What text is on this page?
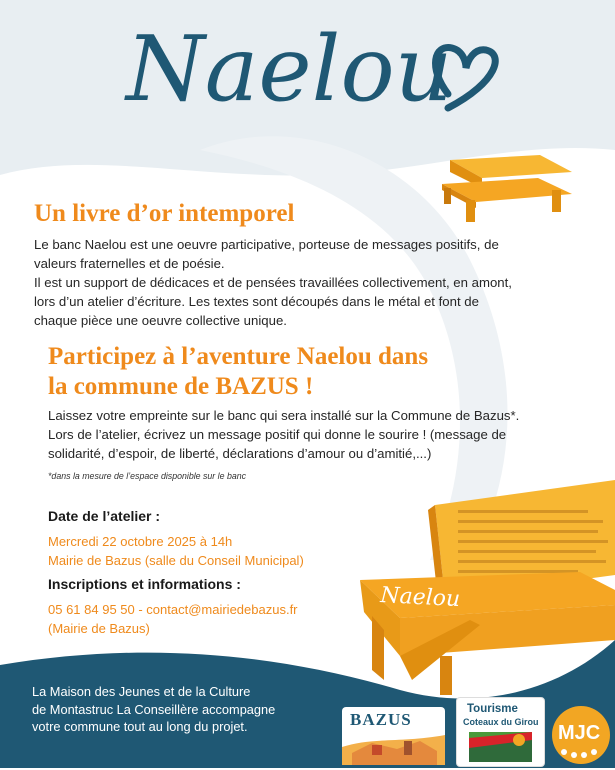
Naelou
Un livre d’or intemporel

Le banc Naelou est une oeuvre participative, porteuse de messages positifs, de

valeurs fraternelles et de poésie.

Il est un support de dédicaces et de pensées travaillées collectivement, en amont,

lors d’un atelier d’écriture. Les textes sont découpés dans le métal et font de

chaque pièce une oeuvre collective unique.

Participez à l’aventure Naelou dans
la commune de BAZUS !

Laissez votre empreinte sur le banc qui sera installé sur la Commune de Bazus*.

Lors de l’atelier, écrivez un message positif qui donne le sourire ! (message de

solidarité, d’espoir, de liberté, déclarations d’amour ou d’amitié,...)

*dans la mesure de l’espace disponible sur le banc

Date de l’atelier :

Mercredi 22 octobre 2025 à 14h

Mairie de Bazus (salle du Conseil Municipal)

Inscriptions et informations :

05 61 84 95 50 - contact@mairiedebazus.fr

(Mairie de Bazus)

Naelou

La Maison des Jeunes et de la Culture

de Montastruc La Conseillère accompagne

votre commune tout au long du projet.	BAZUS
Tourisme
Coteaux du Girou MJC
